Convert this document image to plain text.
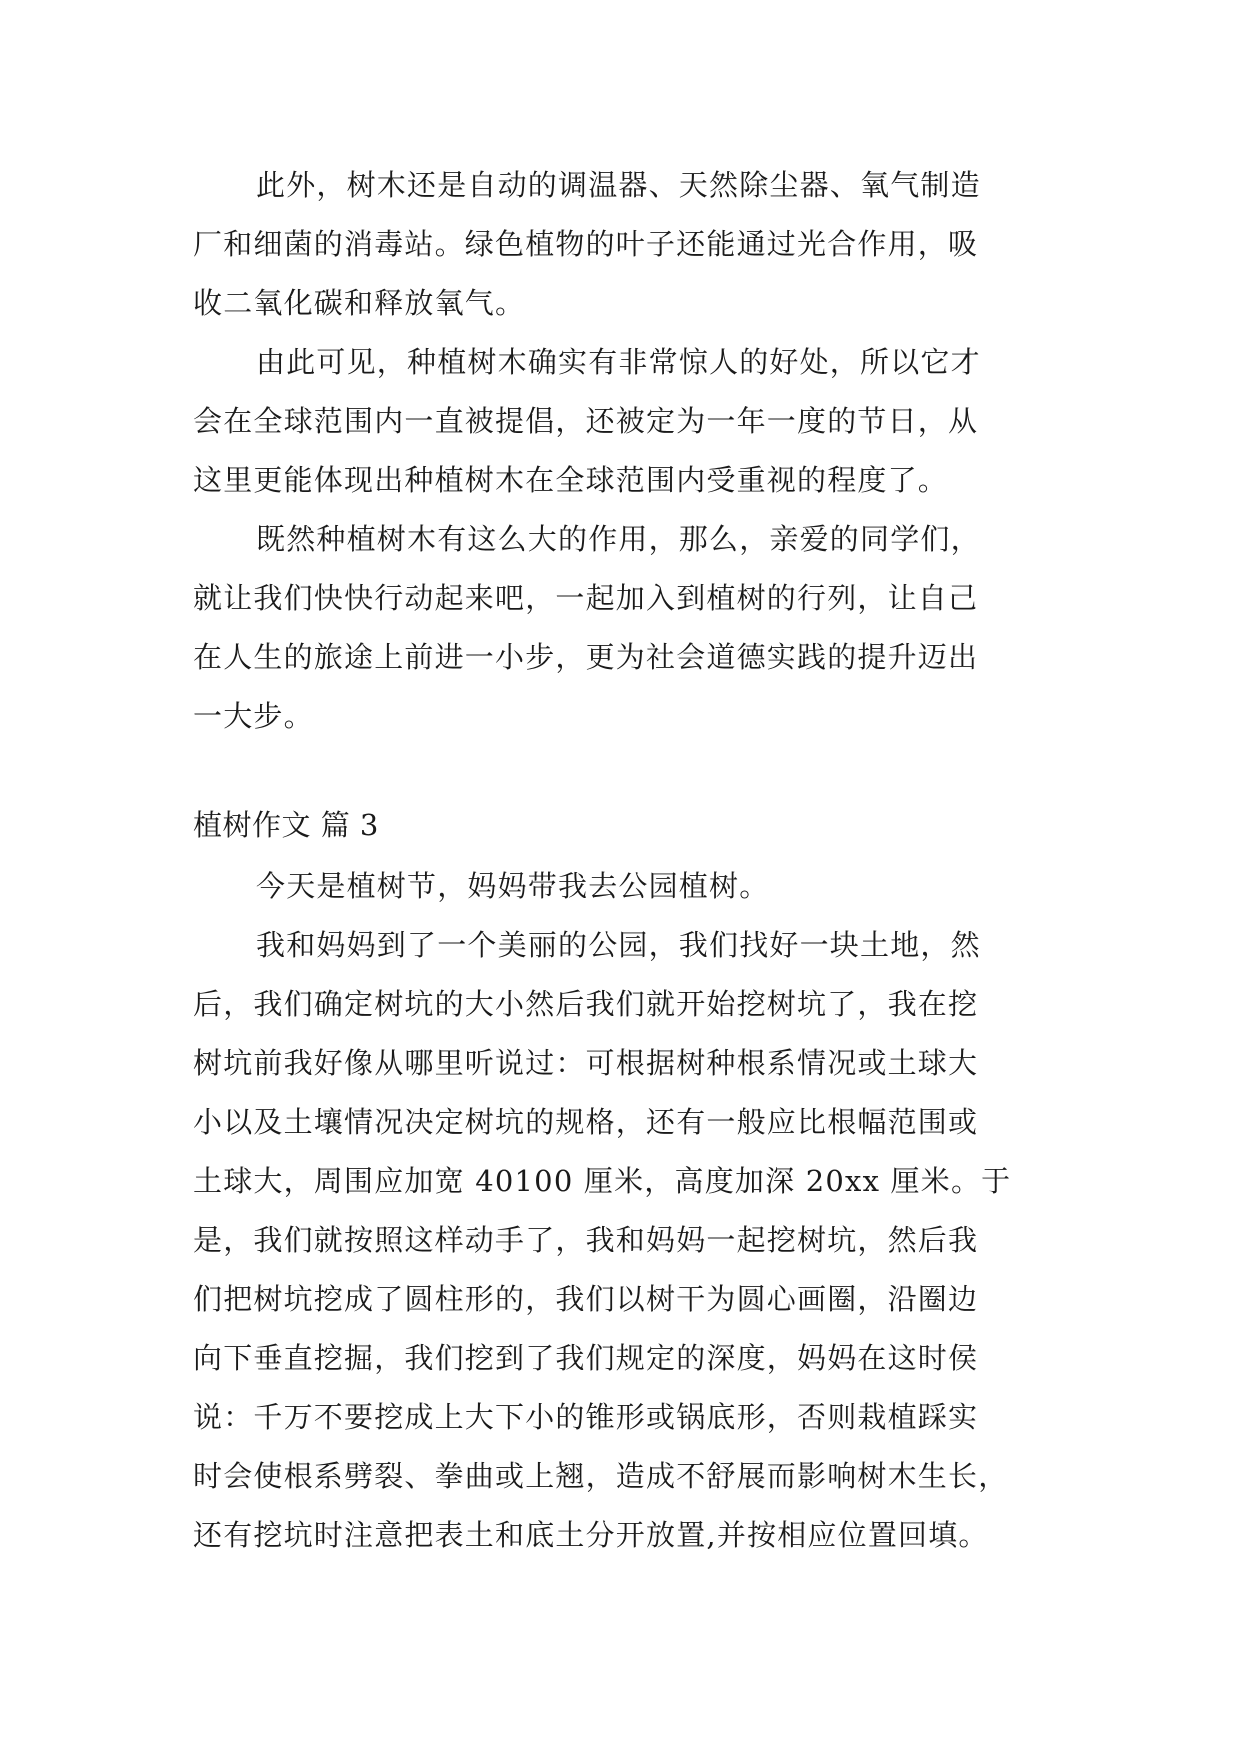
此外，树木还是自动的调温器、天然除尘器、氧气制造
厂和细菌的消毒站。绿色植物的叶子还能通过光合作用，吸
收二氧化碳和释放氧气。
由此可见，种植树木确实有非常惊人的好处，所以它才
会在全球范围内一直被提倡，还被定为一年一度的节日，从
这里更能体现出种植树木在全球范围内受重视的程度了。
既然种植树木有这么大的作用，那么，亲爱的同学们，
就让我们快快行动起来吧，一起加入到植树的行列，让自己
在人生的旅途上前进一小步，更为社会道德实践的提升迈出
一大步。
植树作文 篇 3
今天是植树节，妈妈带我去公园植树。
我和妈妈到了一个美丽的公园，我们找好一块土地，然
后，我们确定树坑的大小然后我们就开始挖树坑了，我在挖
树坑前我好像从哪里听说过：可根据树种根系情况或土球大
小以及土壤情况决定树坑的规格，还有一般应比根幅范围或
土球大，周围应加宽 40100 厘米，高度加深 20xx 厘米。于
是，我们就按照这样动手了，我和妈妈一起挖树坑，然后我
们把树坑挖成了圆柱形的，我们以树干为圆心画圈，沿圈边
向下垂直挖掘，我们挖到了我们规定的深度，妈妈在这时侯
说：千万不要挖成上大下小的锥形或锅底形，否则栽植踩实
时会使根系劈裂、拳曲或上翘，造成不舒展而影响树木生长，
还有挖坑时注意把表土和底土分开放置,并按相应位置回填。
